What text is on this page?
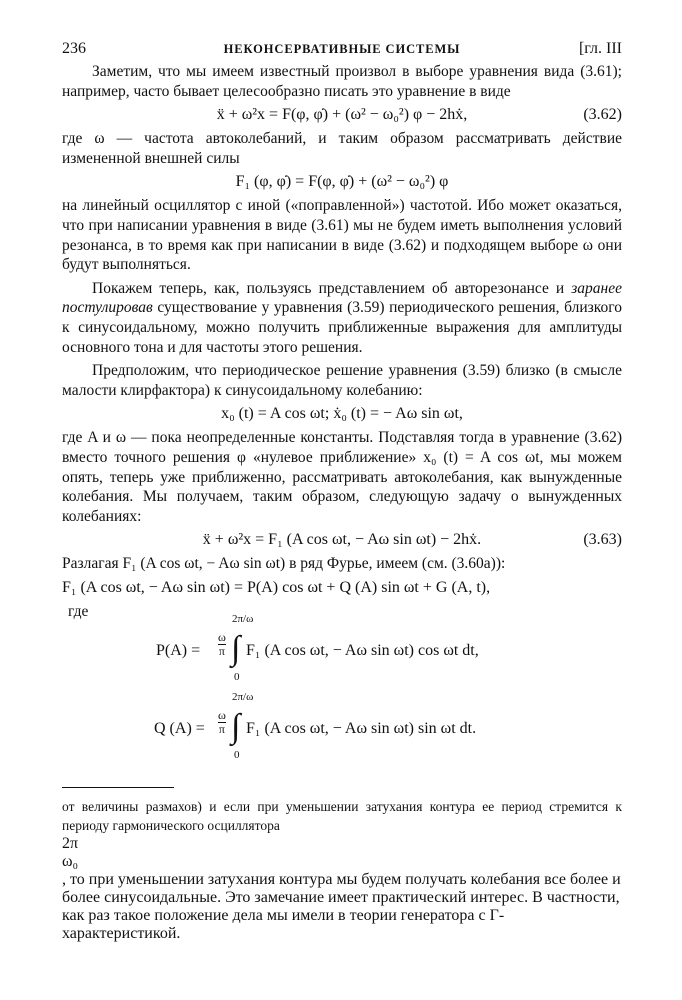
236	НЕКОНСЕРВАТИВНЫЕ СИСТЕМЫ	[гл. III

Заметим, что мы имеем известный произвол в выборе уравнения вида (3.61); например, часто бывает целесообразно писать это уравнение в виде

ẍ + ω²x = F(φ, φ̇) + (ω² − ω₀²) φ − 2hẋ,	(3.62)

где ω — частота автоколебаний, и таким образом рассматривать действие измененной внешней силы

F₁ (φ, φ̇) = F(φ, φ̇) + (ω² − ω₀²) φ

на линейный осциллятор с иной («поправленной») частотой. Ибо может оказаться, что при написании уравнения в виде (3.61) мы не будем иметь выполнения условий резонанса, в то время как при написании в виде (3.62) и подходящем выборе ω они будут выполняться.

Покажем теперь, как, пользуясь представлением об авторезонансе и заранее постулировав существование у уравнения (3.59) периодического решения, близкого к синусоидальному, можно получить приближенные выражения для амплитуды основного тона и для частоты этого решения.

Предположим, что периодическое решение уравнения (3.59) близко (в смысле малости клирфактора) к синусоидальному колебанию:

x₀ (t) = A cos ωt; ẋ₀ (t) = − Aω sin ωt,

где A и ω — пока неопределенные константы. Подставляя тогда в уравнение (3.62) вместо точного решения φ «нулевое приближение» x₀ (t) = A cos ωt, мы можем опять, теперь уже приближенно, рассматривать автоколебания, как вынужденные колебания. Мы получаем, таким образом, следующую задачу о вынужденных колебаниях:

ẍ + ω²x = F₁ (A cos ωt, − Aω sin ωt) − 2hẋ.	(3.63)

Разлагая F₁ (A cos ωt, − Aω sin ωt) в ряд Фурье, имеем (см. (3.60а)):

F₁ (A cos ωt, − Aω sin ωt) = P(A) cos ωt + Q (A) sin ωt + G (A, t),

где

$P(A) = \frac{\omega}{\pi}$
2π/ω
∫
0
F₁ (A cos ωt, − Aω sin ωt) cos ωt dt,
Q $(A) = \frac{\omega}{\pi}$
2π/ω
∫
0
F₁ (A cos ωt, − Aω sin ωt) sin ωt dt.

от величины размахов) и если при уменьшении затухания контура ее период стремится к периоду гармонического осциллятора

2π
ω₀
, то при уменьшении затухания контура мы будем получать колебания все более и более синусоидальные. Это замечание имеет практический интерес. В частности, как раз такое положение дела мы имели в теории генератора с Г-характеристикой.
